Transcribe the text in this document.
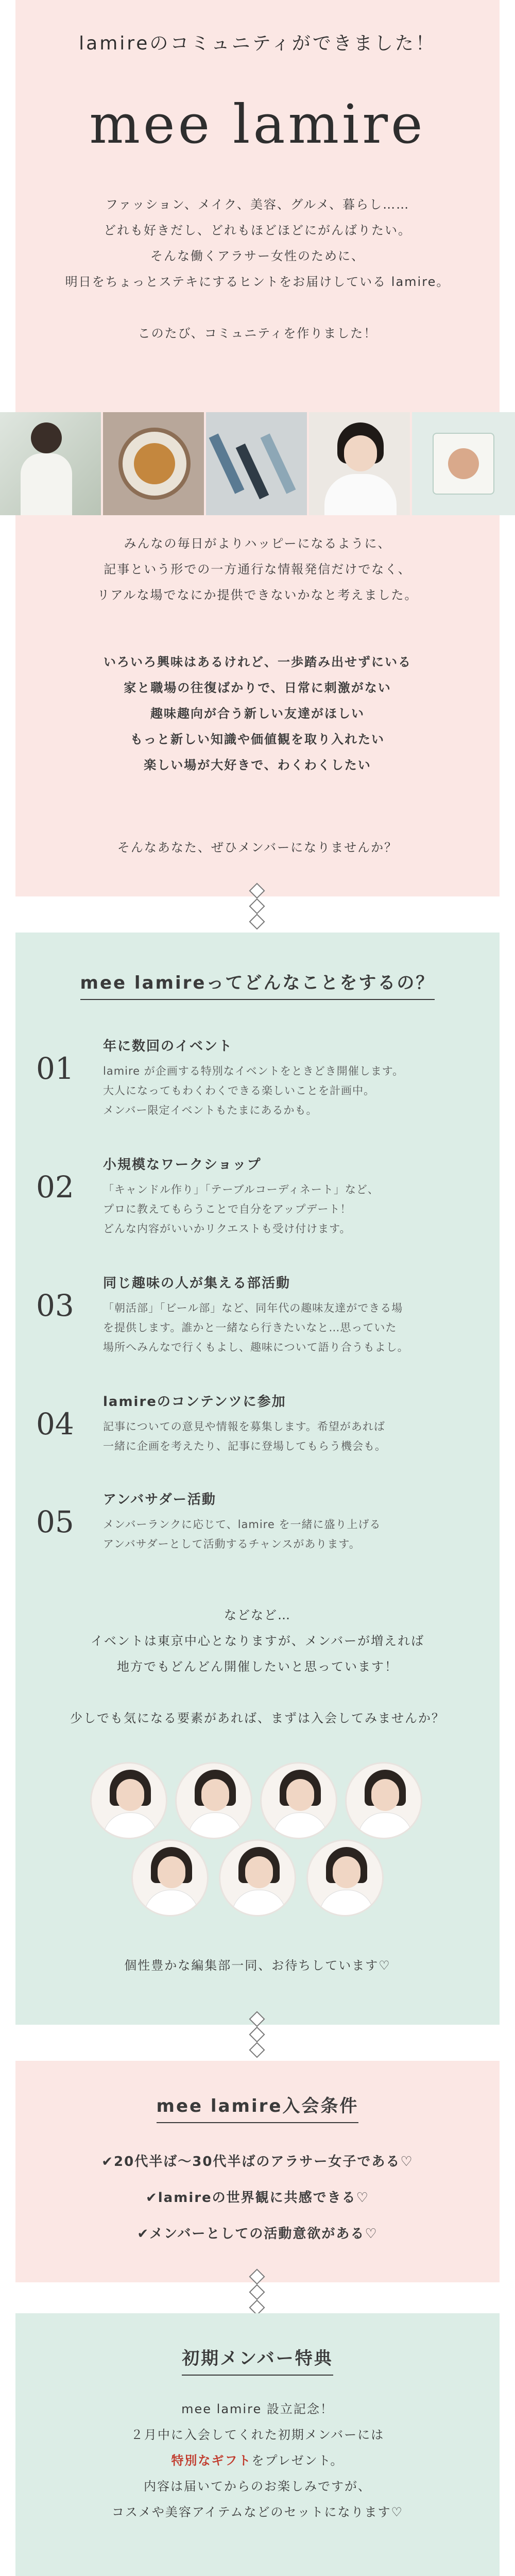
lamireのコミュニティができました！
mee lamire
ファッション、メイク、美容、グルメ、暮らし……
どれも好きだし、どれもほどほどにがんばりたい。
そんな働くアラサー女性のために、
明日をちょっとステキにするヒントをお届けしている lamire。
このたび、コミュニティを作りました！
みんなの毎日がよりハッピーになるように、
記事という形での一方通行な情報発信だけでなく、
リアルな場でなにか提供できないかなと考えました。
いろいろ興味はあるけれど、一歩踏み出せずにいる
家と職場の往復ばかりで、日常に刺激がない
趣味趣向が合う新しい友達がほしい
もっと新しい知識や価値観を取り入れたい
楽しい場が大好きで、わくわくしたい
そんなあなた、ぜひメンバーになりませんか？
mee lamireってどんなことをするの？
01
年に数回のイベント
lamire が企画する特別なイベントをときどき開催します。
大人になってもわくわくできる楽しいことを計画中。
メンバー限定イベントもたまにあるかも。
02
小規模なワークショップ
「キャンドル作り」「テーブルコーディネート」など、
プロに教えてもらうことで自分をアップデート！
どんな内容がいいかリクエストも受け付けます。
03
同じ趣味の人が集える部活動
「朝活部」「ビール部」など、同年代の趣味友達ができる場
を提供します。誰かと一緒なら行きたいなと…思っていた
場所へみんなで行くもよし、趣味について語り合うもよし。
04
lamireのコンテンツに参加
記事についての意見や情報を募集します。希望があれば
一緒に企画を考えたり、記事に登場してもらう機会も。
05
アンバサダー活動
メンバーランクに応じて、lamire を一緒に盛り上げる
アンバサダーとして活動するチャンスがあります。
などなど…
イベントは東京中心となりますが、メンバーが増えれば
地方でもどんどん開催したいと思っています！
少しでも気になる要素があれば、まずは入会してみませんか？
個性豊かな編集部一同、お待ちしています♡
mee lamire入会条件
✔20代半ば〜30代半ばのアラサー女子である♡
✔lamireの世界観に共感できる♡
✔メンバーとしての活動意欲がある♡
初期メンバー特典
mee lamire 設立記念！
２月中に入会してくれた初期メンバーには
特別なギフトをプレゼント。
内容は届いてからのお楽しみですが、
コスメや美容アイテムなどのセットになります♡
